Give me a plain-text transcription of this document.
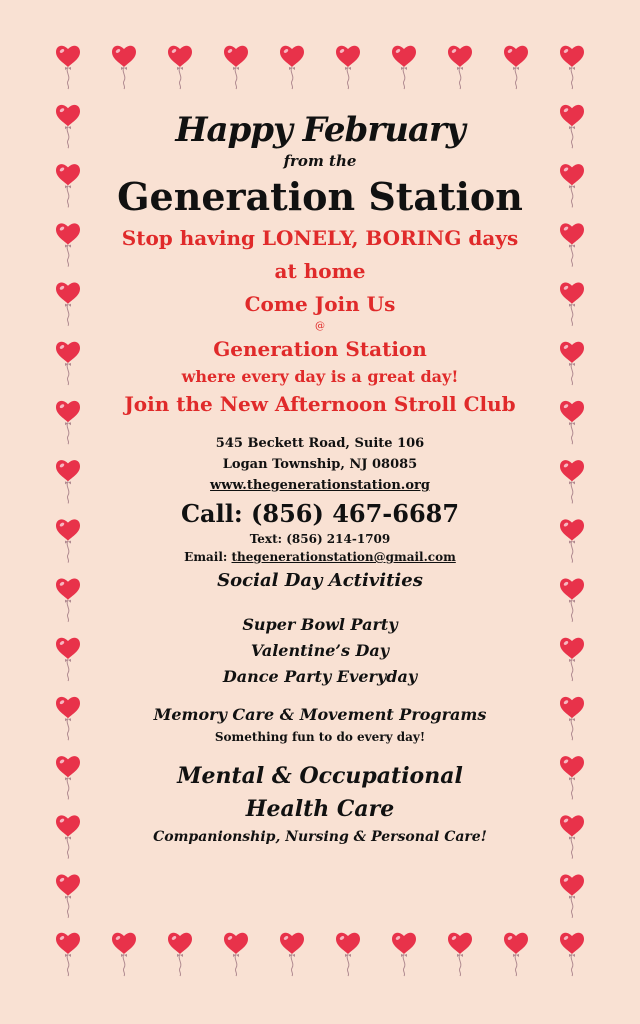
Happy February

from the

Generation Station

Stop having LONELY, BORING days

at home

Come Join Us

@

Generation Station

where every day is a great day!

Join the New Afternoon Stroll Club

545 Beckett Road, Suite 106

Logan Township, NJ 08085

www.thegenerationstation.org

Call: (856) 467-6687

Text: (856) 214-1709

Email: thegenerationstation@gmail.com

Social Day Activities

Super Bowl Party

Valentine’s Day

Dance Party Everyday

Memory Care & Movement Programs

Something fun to do every day!

Mental & Occupational

Health Care

Companionship, Nursing & Personal Care!
